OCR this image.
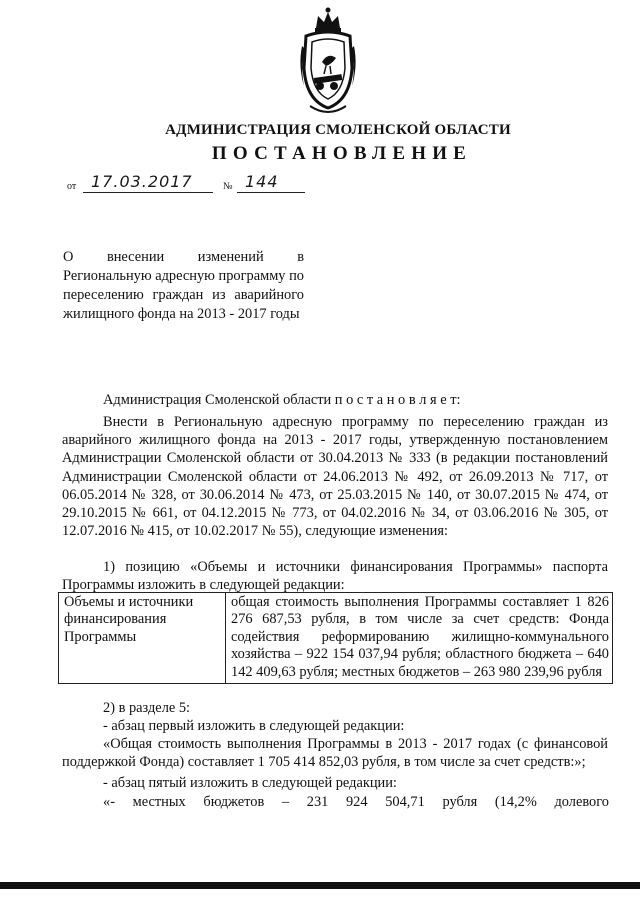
АДМИНИСТРАЦИЯ СМОЛЕНСКОЙ ОБЛАСТИ
ПОСТАНОВЛЕНИЕ
от 17.03.2017	№ 144
О внесении изменений в Региональную адресную программу по переселению граждан из аварийного жилищного фонда на 2013 - 2017 годы
Администрация Смоленской области п о с т а н о в л я е т:
Внести в Региональную адресную программу по переселению граждан из аварийного жилищного фонда на 2013 - 2017 годы, утвержденную постановлением Администрации Смоленской области от 30.04.2013 № 333 (в редакции постановлений Администрации Смоленской области от 24.06.2013 № 492, от 26.09.2013 № 717, от 06.05.2014 № 328, от 30.06.2014 № 473, от 25.03.2015 № 140, от 30.07.2015 № 474, от 29.10.2015 № 661, от 04.12.2015 № 773, от 04.02.2016 № 34, от 03.06.2016 № 305, от 12.07.2016 № 415, от 10.02.2017 № 55), следующие изменения:
1) позицию «Объемы и источники финансирования Программы» паспорта Программы изложить в следующей редакции:
Объемы и источники финансирования Программы	общая стоимость выполнения Программы составляет 1 826 276 687,53 рубля, в том числе за счет средств: Фонда содействия реформированию жилищно-коммунального хозяйства – 922 154 037,94 рубля; областного бюджета – 640 142 409,63 рубля; местных бюджетов – 263 980 239,96 рубля
2) в разделе 5:
- абзац первый изложить в следующей редакции:
«Общая стоимость выполнения Программы в 2013 - 2017 годах (с финансовой поддержкой Фонда) составляет 1 705 414 852,03 рубля, в том числе за счет средств:»;
- абзац пятый изложить в следующей редакции:
«- местных бюджетов – 231 924 504,71 рубля (14,2% долевого
